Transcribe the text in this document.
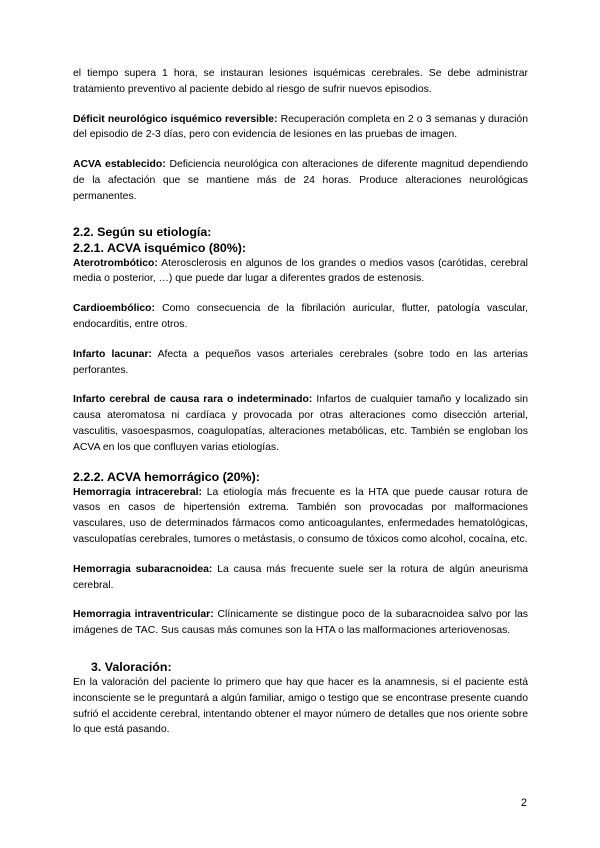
el tiempo supera 1 hora, se instauran lesiones isquémicas cerebrales. Se debe administrar tratamiento preventivo al paciente debido al riesgo de sufrir nuevos episodios.

Déficit neurológico isquémico reversible: Recuperación completa en 2 o 3 semanas y duración del episodio de 2-3 días, pero con evidencia de lesiones en las pruebas de imagen.

ACVA establecido: Deficiencia neurológica con alteraciones de diferente magnitud dependiendo de la afectación que se mantiene más de 24 horas. Produce alteraciones neurológicas permanentes.

2.2. Según su etiología:
2.2.1. ACVA isquémico (80%):

Aterotrombótico: Aterosclerosis en algunos de los grandes o medios vasos (carótidas, cerebral media o posterior, …) que puede dar lugar a diferentes grados de estenosis.

Cardioembólico: Como consecuencia de la fibrilación auricular, flutter, patología vascular, endocarditis, entre otros.

Infarto lacunar: Afecta a pequeños vasos arteriales cerebrales (sobre todo en las arterias perforantes.

Infarto cerebral de causa rara o indeterminado: Infartos de cualquier tamaño y localizado sin causa ateromatosa ni cardíaca y provocada por otras alteraciones como disección arterial, vasculitis, vasoespasmos, coagulopatías, alteraciones metabólicas, etc. También se engloban los ACVA en los que confluyen varias etiologías.

2.2.2. ACVA hemorrágico (20%):

Hemorragia intracerebral: La etiología más frecuente es la HTA que puede causar rotura de vasos en casos de hipertensión extrema. También son provocadas por malformaciones vasculares, uso de determinados fármacos como anticoagulantes, enfermedades hematológicas, vasculopatías cerebrales, tumores o metástasis, o consumo de tóxicos como alcohol, cocaína, etc.

Hemorragia subaracnoidea: La causa más frecuente suele ser la rotura de algún aneurisma cerebral.

Hemorragia intraventricular: Clínicamente se distingue poco de la subaracnoidea salvo por las imágenes de TAC. Sus causas más comunes son la HTA o las malformaciones arteriovenosas.

3. Valoración:

En la valoración del paciente lo primero que hay que hacer es la anamnesis, si el paciente está inconsciente se le preguntará a algún familiar, amigo o testigo que se encontrase presente cuando sufrió el accidente cerebral, intentando obtener el mayor número de detalles que nos oriente sobre lo que está pasando.

2
